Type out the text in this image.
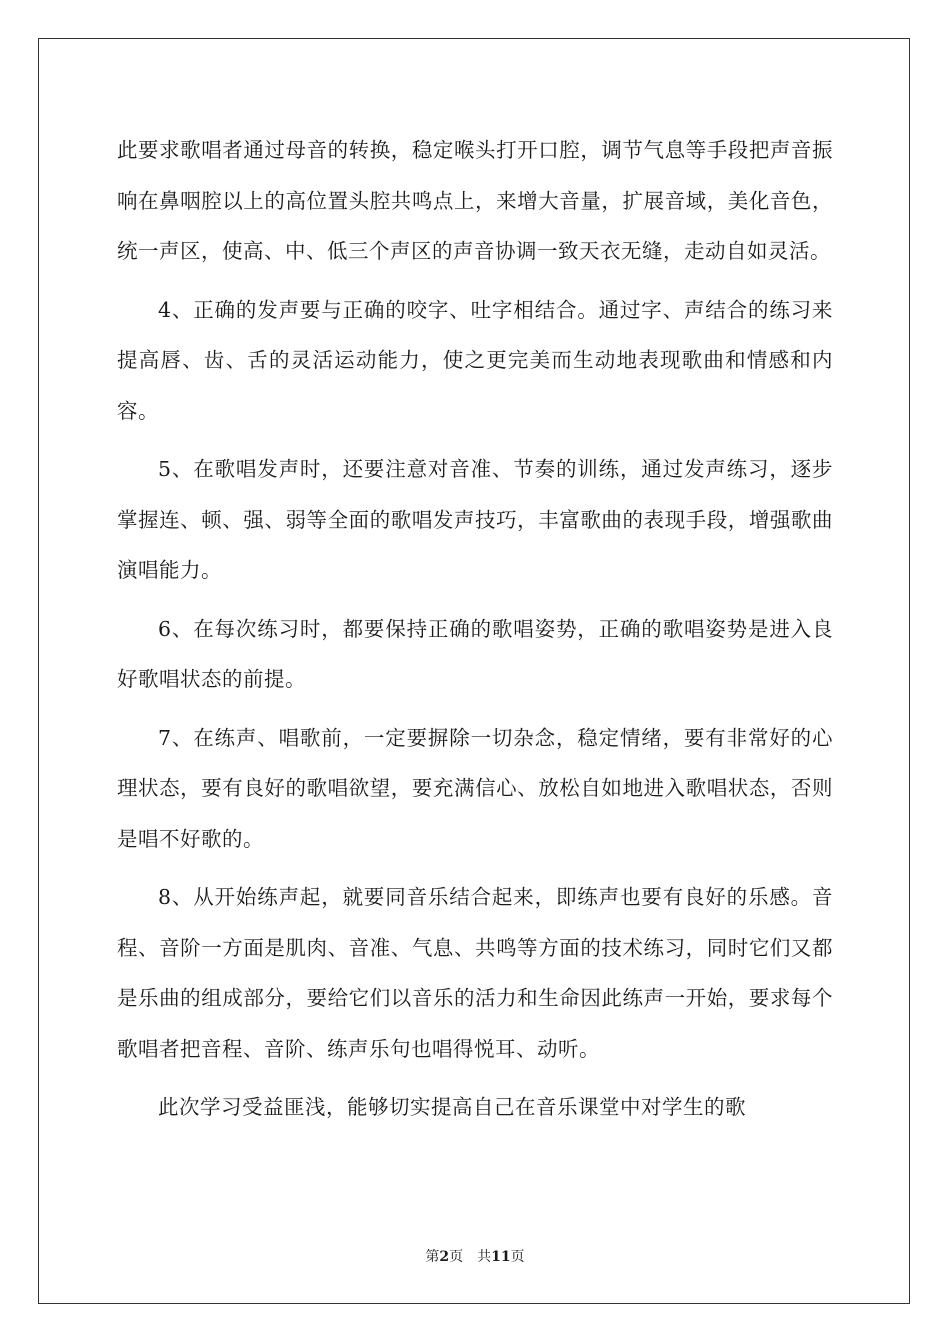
此要求歌唱者通过母音的转换，稳定喉头打开口腔，调节气息等手段把声音振响在鼻咽腔以上的高位置头腔共鸣点上，来增大音量，扩展音域，美化音色，统一声区，使高、中、低三个声区的声音协调一致天衣无缝，走动自如灵活。

4、正确的发声要与正确的咬字、吐字相结合。通过字、声结合的练习来提高唇、齿、舌的灵活运动能力，使之更完美而生动地表现歌曲和情感和内容。

5、在歌唱发声时，还要注意对音准、节奏的训练，通过发声练习，逐步掌握连、顿、强、弱等全面的歌唱发声技巧，丰富歌曲的表现手段，增强歌曲演唱能力。

6、在每次练习时，都要保持正确的歌唱姿势，正确的歌唱姿势是进入良好歌唱状态的前提。

7、在练声、唱歌前，一定要摒除一切杂念，稳定情绪，要有非常好的心理状态，要有良好的歌唱欲望，要充满信心、放松自如地进入歌唱状态，否则是唱不好歌的。

8、从开始练声起，就要同音乐结合起来，即练声也要有良好的乐感。音程、音阶一方面是肌肉、音准、气息、共鸣等方面的技术练习，同时它们又都是乐曲的组成部分，要给它们以音乐的活力和生命因此练声一开始，要求每个歌唱者把音程、音阶、练声乐句也唱得悦耳、动听。

此次学习受益匪浅，能够切实提高自己在音乐课堂中对学生的歌

第2页 共11页
